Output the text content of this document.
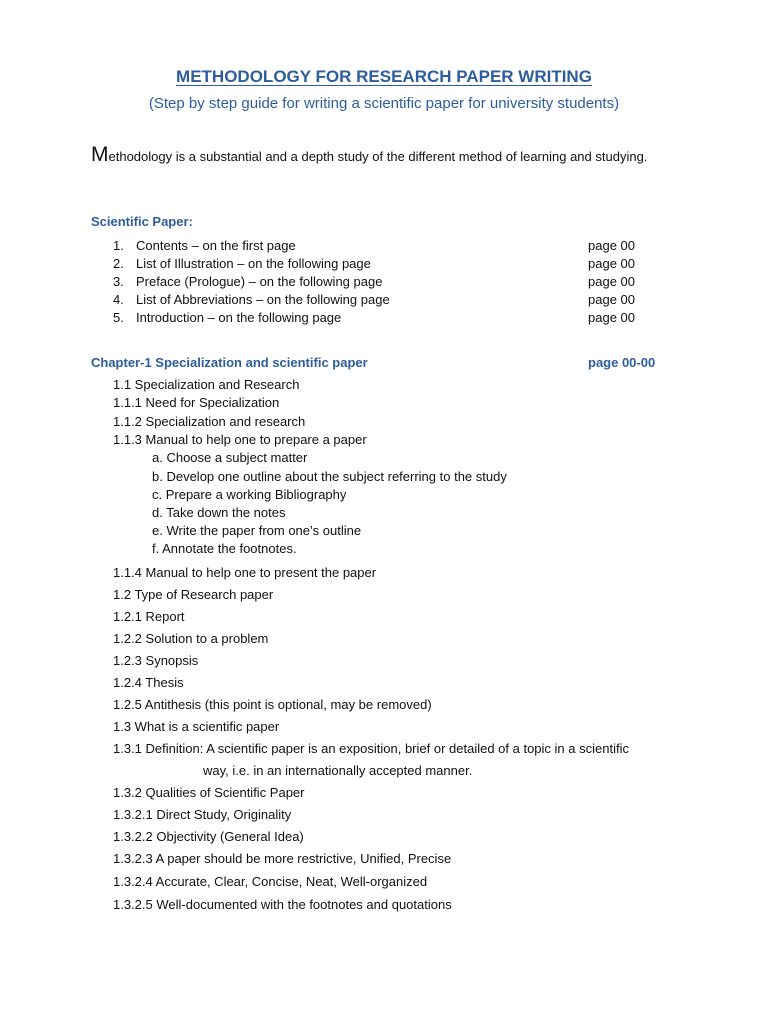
METHODOLOGY FOR RESEARCH PAPER WRITING
(Step by step guide for writing a scientific paper for university students)
Methodology is a substantial and a depth study of the different method of learning and studying.
Scientific Paper:
1. Contents – on the first page	page 00
2. List of Illustration – on the following page	page 00
3. Preface (Prologue) – on the following page	page 00
4. List of Abbreviations – on the following page	page 00
5. Introduction – on the following page	page 00
Chapter-1 Specialization and scientific paper	page 00-00
1.1 Specialization and Research
1.1.1 Need for Specialization
1.1.2 Specialization and research
1.1.3 Manual to help one to prepare a paper
a. Choose a subject matter
b. Develop one outline about the subject referring to the study
c. Prepare a working Bibliography
d. Take down the notes
e. Write the paper from one’s outline
f. Annotate the footnotes.
1.1.4 Manual to help one to present the paper
1.2 Type of Research paper
1.2.1 Report
1.2.2 Solution to a problem
1.2.3 Synopsis
1.2.4 Thesis
1.2.5 Antithesis (this point is optional, may be removed)
1.3 What is a scientific paper
1.3.1 Definition: A scientific paper is an exposition, brief or detailed of a topic in a scientific
way, i.e. in an internationally accepted manner.
1.3.2 Qualities of Scientific Paper
1.3.2.1 Direct Study, Originality
1.3.2.2 Objectivity (General Idea)
1.3.2.3 A paper should be more restrictive, Unified, Precise
1.3.2.4 Accurate, Clear, Concise, Neat, Well-organized
1.3.2.5 Well-documented with the footnotes and quotations
